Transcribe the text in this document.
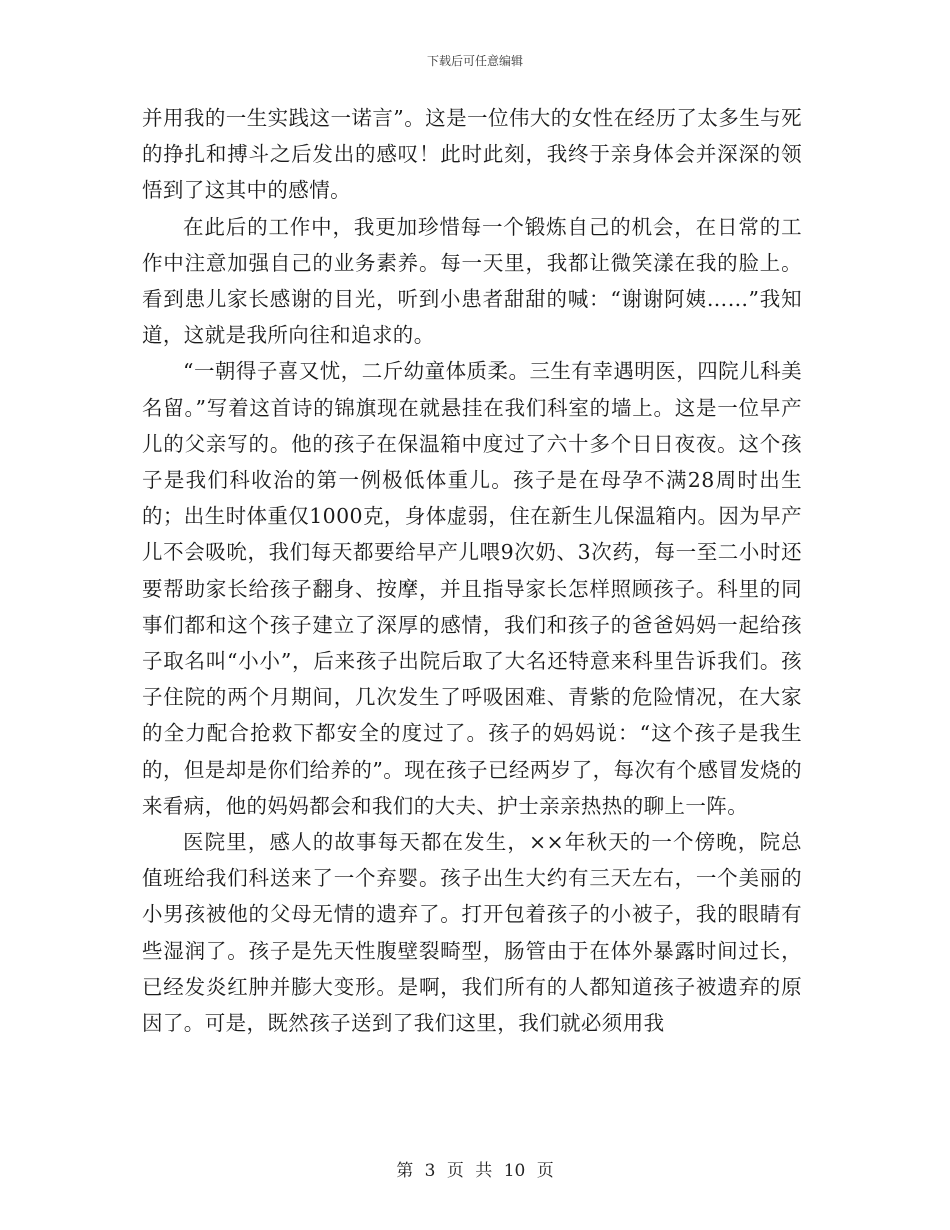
下载后可任意编辑

并用我的一生实践这一诺言”。这是一位伟大的女性在经历了太多生与死的挣扎和搏斗之后发出的感叹！此时此刻，我终于亲身体会并深深的领悟到了这其中的感情。

在此后的工作中，我更加珍惜每一个锻炼自己的机会，在日常的工作中注意加强自己的业务素养。每一天里，我都让微笑漾在我的脸上。看到患儿家长感谢的目光，听到小患者甜甜的喊：“谢谢阿姨……”我知道，这就是我所向往和追求的。

“一朝得子喜又忧，二斤幼童体质柔。三生有幸遇明医，四院儿科美名留。”写着这首诗的锦旗现在就悬挂在我们科室的墙上。这是一位早产儿的父亲写的。他的孩子在保温箱中度过了六十多个日日夜夜。这个孩子是我们科收治的第一例极低体重儿。孩子是在母孕不满28周时出生的；出生时体重仅1000克，身体虚弱，住在新生儿保温箱内。因为早产儿不会吸吮，我们每天都要给早产儿喂9次奶、3次药，每一至二小时还要帮助家长给孩子翻身、按摩，并且指导家长怎样照顾孩子。科里的同事们都和这个孩子建立了深厚的感情，我们和孩子的爸爸妈妈一起给孩子取名叫“小小”，后来孩子出院后取了大名还特意来科里告诉我们。孩子住院的两个月期间，几次发生了呼吸困难、青紫的危险情况，在大家的全力配合抢救下都安全的度过了。孩子的妈妈说：“这个孩子是我生的，但是却是你们给养的”。现在孩子已经两岁了，每次有个感冒发烧的来看病，他的妈妈都会和我们的大夫、护士亲亲热热的聊上一阵。

医院里，感人的故事每天都在发生，××年秋天的一个傍晚，院总值班给我们科送来了一个弃婴。孩子出生大约有三天左右，一个美丽的小男孩被他的父母无情的遗弃了。打开包着孩子的小被子，我的眼睛有些湿润了。孩子是先天性腹壁裂畸型，肠管由于在体外暴露时间过长，已经发炎红肿并膨大变形。是啊，我们所有的人都知道孩子被遗弃的原因了。可是，既然孩子送到了我们这里，我们就必须用我

第 3 页 共 10 页
